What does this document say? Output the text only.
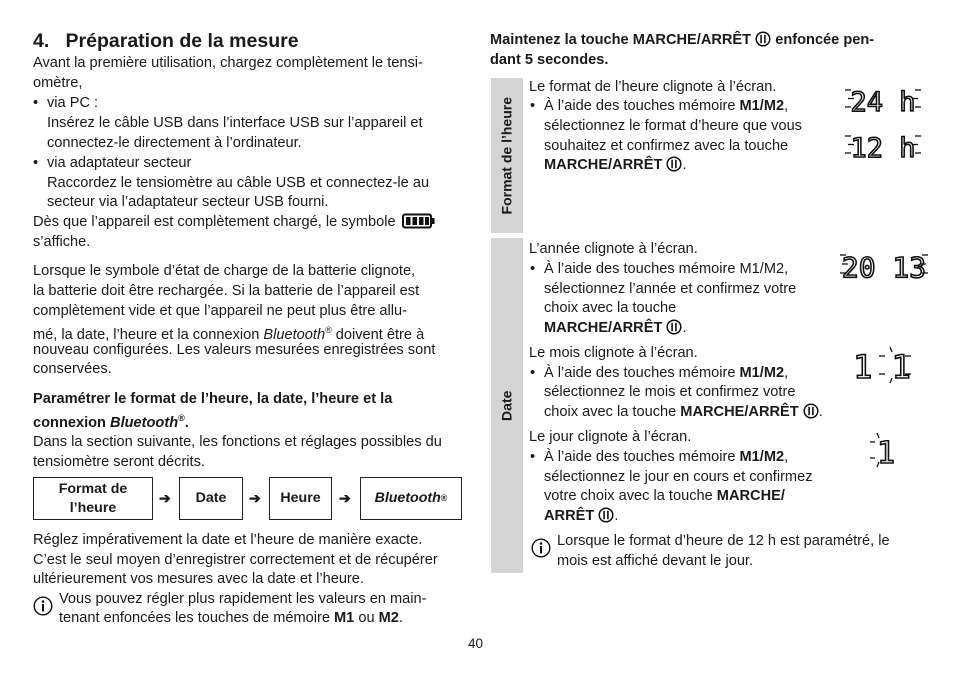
4. Préparation de la mesure
Avant la première utilisation, chargez complètement le tensi-
omètre,
• via PC :
Insérez le câble USB dans l’interface USB sur l’appareil et
connectez-le directement à l’ordinateur.
• via adaptateur secteur
Raccordez le tensiomètre au câble USB et connectez-le au
secteur via l’adaptateur secteur USB fourni.
Dès que l’appareil est complètement chargé, le symbole
s’affiche.
Lorsque le symbole d’état de charge de la batterie clignote,
la batterie doit être rechargée. Si la batterie de l’appareil est
complètement vide et que l’appareil ne peut plus être allu-
mé, la date, l’heure et la connexion Bluetooth® doivent être à
nouveau configurées. Les valeurs mesurées enregistrées sont
conservées.
Paramétrer le format de l’heure, la date, l’heure et la
connexion Bluetooth®.
Dans la section suivante, les fonctions et réglages possibles du
tensiomètre seront décrits.
Format de
l’heure
➔	Date	➔	Heure	➔ Bluetooth ®
Réglez impérativement la date et l’heure de manière exacte.
C’est le seul moyen d’enregistrer correctement et de récupérer
ultérieurement vos mesures avec la date et l’heure.
Vous pouvez régler plus rapidement les valeurs en main-
tenant enfoncées les touches de mémoire M1 ou M2.
Maintenez la touche MARCHE/ARRÊT enfoncée pen-
dant 5 secondes.
Format de l’heure
Date
Le format de l’heure clignote à l’écran.
• À l’aide des touches mémoire M1/M2,
sélectionnez le format d’heure que vous
souhaitez et confirmez avec la touche
MARCHE/ARRÊT .
24 h
12 h
L’année clignote à l’écran.
• À l’aide des touches mémoire M1/M2,
sélectionnez l’année et confirmez votre
choix avec la touche
MARCHE/ARRÊT .
20 13
Le mois clignote à l’écran.
• À l’aide des touches mémoire M1/M2,
sélectionnez le mois et confirmez votre
choix avec la touche MARCHE/ARRÊT .
1 1
Le jour clignote à l’écran.
• À l’aide des touches mémoire M1/M2,
sélectionnez le jour en cours et confirmez
votre choix avec la touche MARCHE/
ARRÊT .
1
Lorsque le format d’heure de 12 h est paramétré, le
mois est affiché devant le jour.
40
